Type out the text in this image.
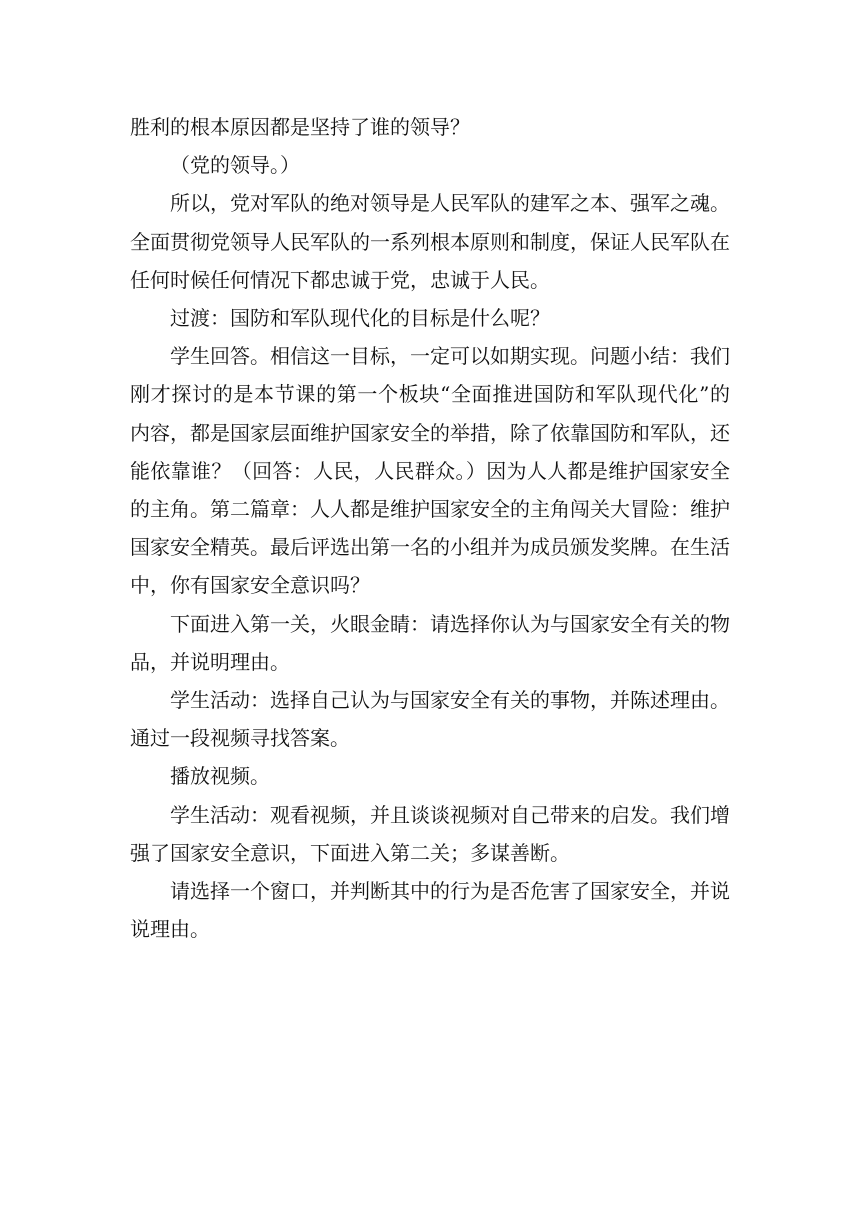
胜利的根本原因都是坚持了谁的领导？

（党的领导。）

所以，党对军队的绝对领导是人民军队的建军之本、强军之魂。全面贯彻党领导人民军队的一系列根本原则和制度，保证人民军队在任何时候任何情况下都忠诚于党，忠诚于人民。

过渡：国防和军队现代化的目标是什么呢？

学生回答。相信这一目标，一定可以如期实现。问题小结：我们刚才探讨的是本节课的第一个板块“全面推进国防和军队现代化”的内容，都是国家层面维护国家安全的举措，除了依靠国防和军队，还能依靠谁？（回答：人民，人民群众。）因为人人都是维护国家安全的主角。第二篇章：人人都是维护国家安全的主角闯关大冒险：维护国家安全精英。最后评选出第一名的小组并为成员颁发奖牌。在生活中，你有国家安全意识吗？

下面进入第一关，火眼金睛：请选择你认为与国家安全有关的物品，并说明理由。

学生活动：选择自己认为与国家安全有关的事物，并陈述理由。通过一段视频寻找答案。

播放视频。

学生活动：观看视频，并且谈谈视频对自己带来的启发。我们增强了国家安全意识，下面进入第二关；多谋善断。

请选择一个窗口，并判断其中的行为是否危害了国家安全，并说说理由。
